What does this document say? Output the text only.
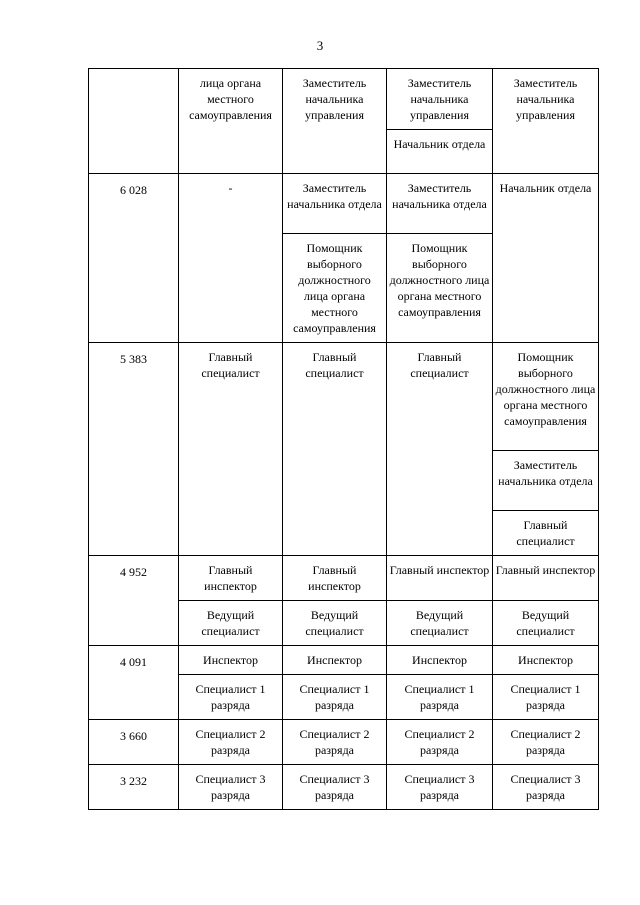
3
	лица органа местного самоуправления	Заместитель начальника управления	Заместитель начальника управления	Заместитель начальника управления
			Начальник отдела	
6 028	-	Заместитель начальника отдела	Заместитель начальника отдела	Начальник отдела
		Помощник выборного должностного лица органа местного самоуправления	Помощник выборного должностного лица органа местного самоуправления	
5 383	Главный специалист	Главный специалист	Главный специалист	Помощник выборного должностного лица органа местного самоуправления
				Заместитель начальника отдела
				Главный специалист
4 952	Главный инспектор	Главный инспектор	Главный инспектор	Главный инспектор
	Ведущий специалист	Ведущий специалист	Ведущий специалист	Ведущий специалист
4 091	Инспектор	Инспектор	Инспектор	Инспектор
	Специалист 1 разряда	Специалист 1 разряда	Специалист 1 разряда	Специалист 1 разряда
3 660	Специалист 2 разряда	Специалист 2 разряда	Специалист 2 разряда	Специалист 2 разряда
3 232	Специалист 3 разряда	Специалист 3 разряда	Специалист 3 разряда	Специалист 3 разряда
